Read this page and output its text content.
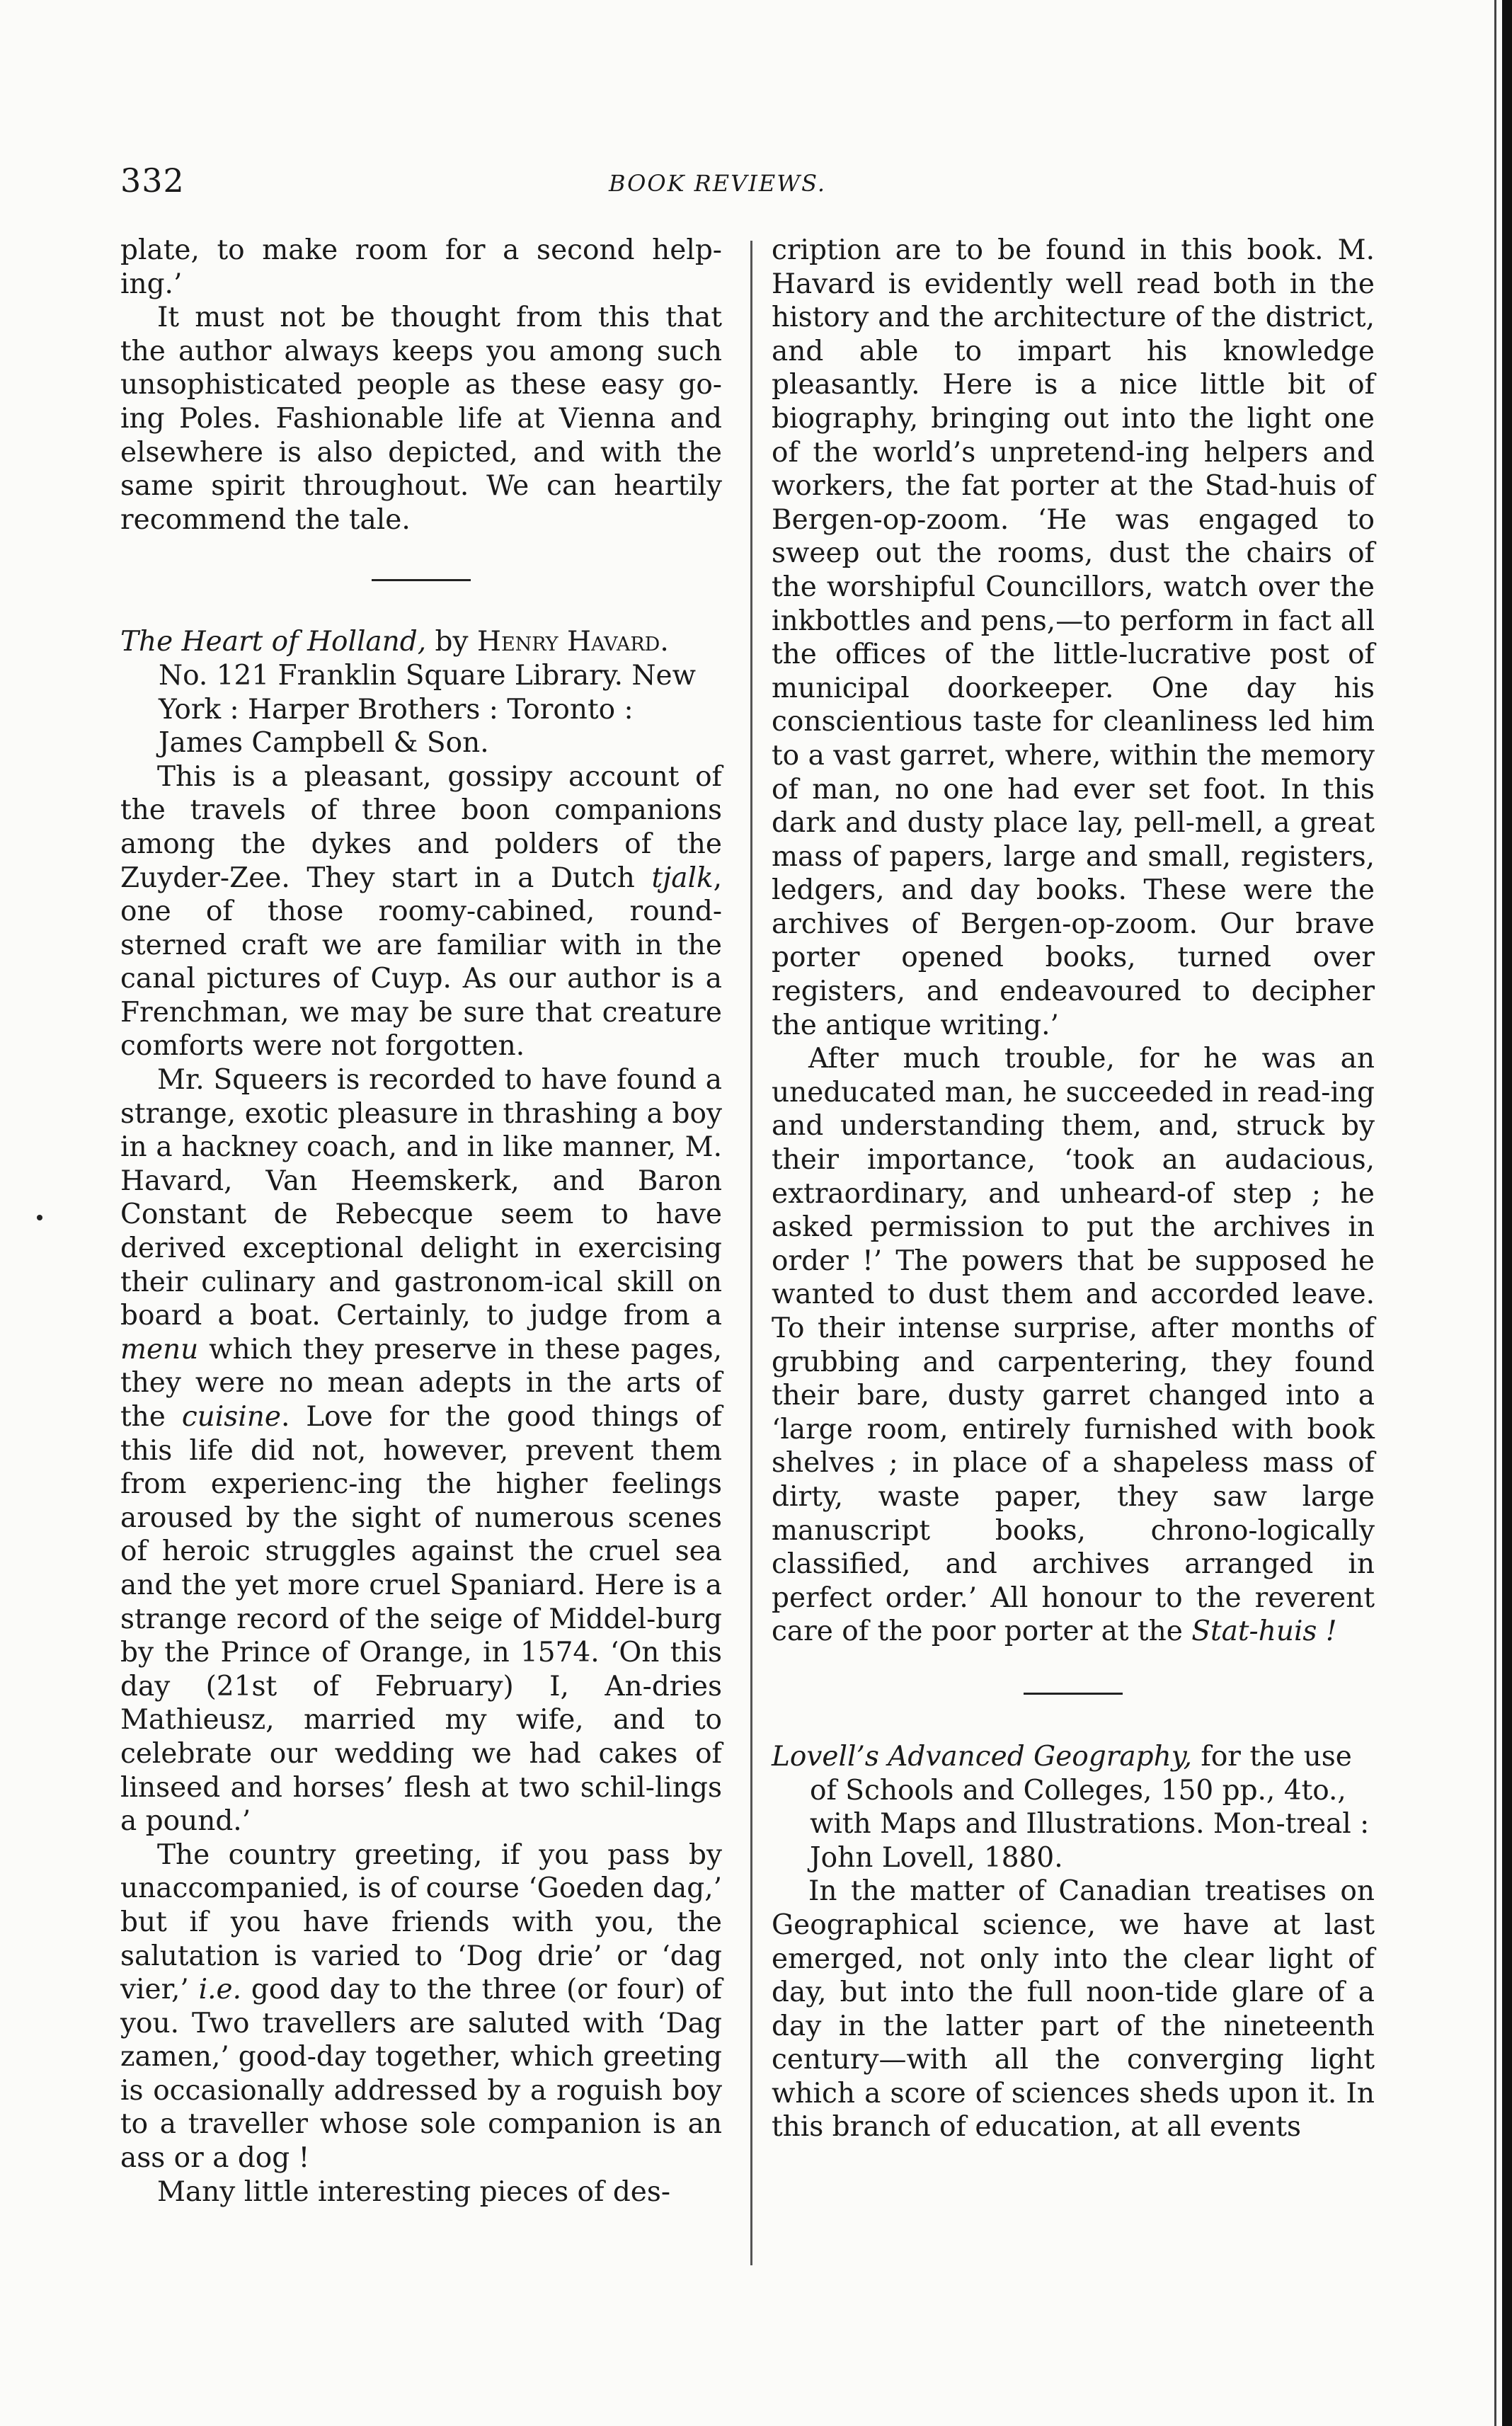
332	BOOK REVIEWS.

plate, to make room for a second help-ing.’

It must not be thought from this that the author always keeps you among such unsophisticated people as these easy go-ing Poles. Fashionable life at Vienna and elsewhere is also depicted, and with the same spirit throughout. We can heartily recommend the tale.

The Heart of Holland, by Henry Havard. No. 121 Franklin Square Library. New York : Harper Brothers : Toronto : James Campbell & Son.

This is a pleasant, gossipy account of the travels of three boon companions among the dykes and polders of the Zuyder-Zee. They start in a Dutch tjalk, one of those roomy-cabined, round-sterned craft we are familiar with in the canal pictures of Cuyp. As our author is a Frenchman, we may be sure that creature comforts were not forgotten.

Mr. Squeers is recorded to have found a strange, exotic pleasure in thrashing a boy in a hackney coach, and in like manner, M. Havard, Van Heemskerk, and Baron Constant de Rebecque seem to have derived exceptional delight in exercising their culinary and gastronom-ical skill on board a boat. Certainly, to judge from a menu which they preserve in these pages, they were no mean adepts in the arts of the cuisine. Love for the good things of this life did not, however, prevent them from experienc-ing the higher feelings aroused by the sight of numerous scenes of heroic struggles against the cruel sea and the yet more cruel Spaniard. Here is a strange record of the seige of Middel-burg by the Prince of Orange, in 1574. ‘On this day (21st of February) I, An-dries Mathieusz, married my wife, and to celebrate our wedding we had cakes of linseed and horses’ flesh at two schil-lings a pound.’

The country greeting, if you pass by unaccompanied, is of course ‘Goeden dag,’ but if you have friends with you, the salutation is varied to ‘Dog drie’ or ‘dag vier,’ i.e. good day to the three (or four) of you. Two travellers are saluted with ‘Dag zamen,’ good-day together, which greeting is occasionally addressed by a roguish boy to a traveller whose sole companion is an ass or a dog !

Many little interesting pieces of des-

cription are to be found in this book. M. Havard is evidently well read both in the history and the architecture of the district, and able to impart his knowledge pleasantly. Here is a nice little bit of biography, bringing out into the light one of the world’s unpretend-ing helpers and workers, the fat porter at the Stad-huis of Bergen-op-zoom. ‘He was engaged to sweep out the rooms, dust the chairs of the worshipful Councillors, watch over the inkbottles and pens,—to perform in fact all the offices of the little-lucrative post of municipal doorkeeper. One day his conscientious taste for cleanliness led him to a vast garret, where, within the memory of man, no one had ever set foot. In this dark and dusty place lay, pell-mell, a great mass of papers, large and small, registers, ledgers, and day books. These were the archives of Bergen-op-zoom. Our brave porter opened books, turned over registers, and endeavoured to decipher the antique writing.’

After much trouble, for he was an uneducated man, he succeeded in read-ing and understanding them, and, struck by their importance, ‘took an audacious, extraordinary, and unheard-of step ; he asked permission to put the archives in order !’ The powers that be supposed he wanted to dust them and accorded leave. To their intense surprise, after months of grubbing and carpentering, they found their bare, dusty garret changed into a ‘large room, entirely furnished with book shelves ; in place of a shapeless mass of dirty, waste paper, they saw large manuscript books, chrono-logically classified, and archives arranged in perfect order.’ All honour to the reverent care of the poor porter at the Stat-huis !

Lovell’s Advanced Geography, for the use of Schools and Colleges, 150 pp., 4to., with Maps and Illustrations. Mon-treal : John Lovell, 1880.

In the matter of Canadian treatises on Geographical science, we have at last emerged, not only into the clear light of day, but into the full noon-tide glare of a day in the latter part of the nineteenth century—with all the converging light which a score of sciences sheds upon it. In this branch of education, at all events
